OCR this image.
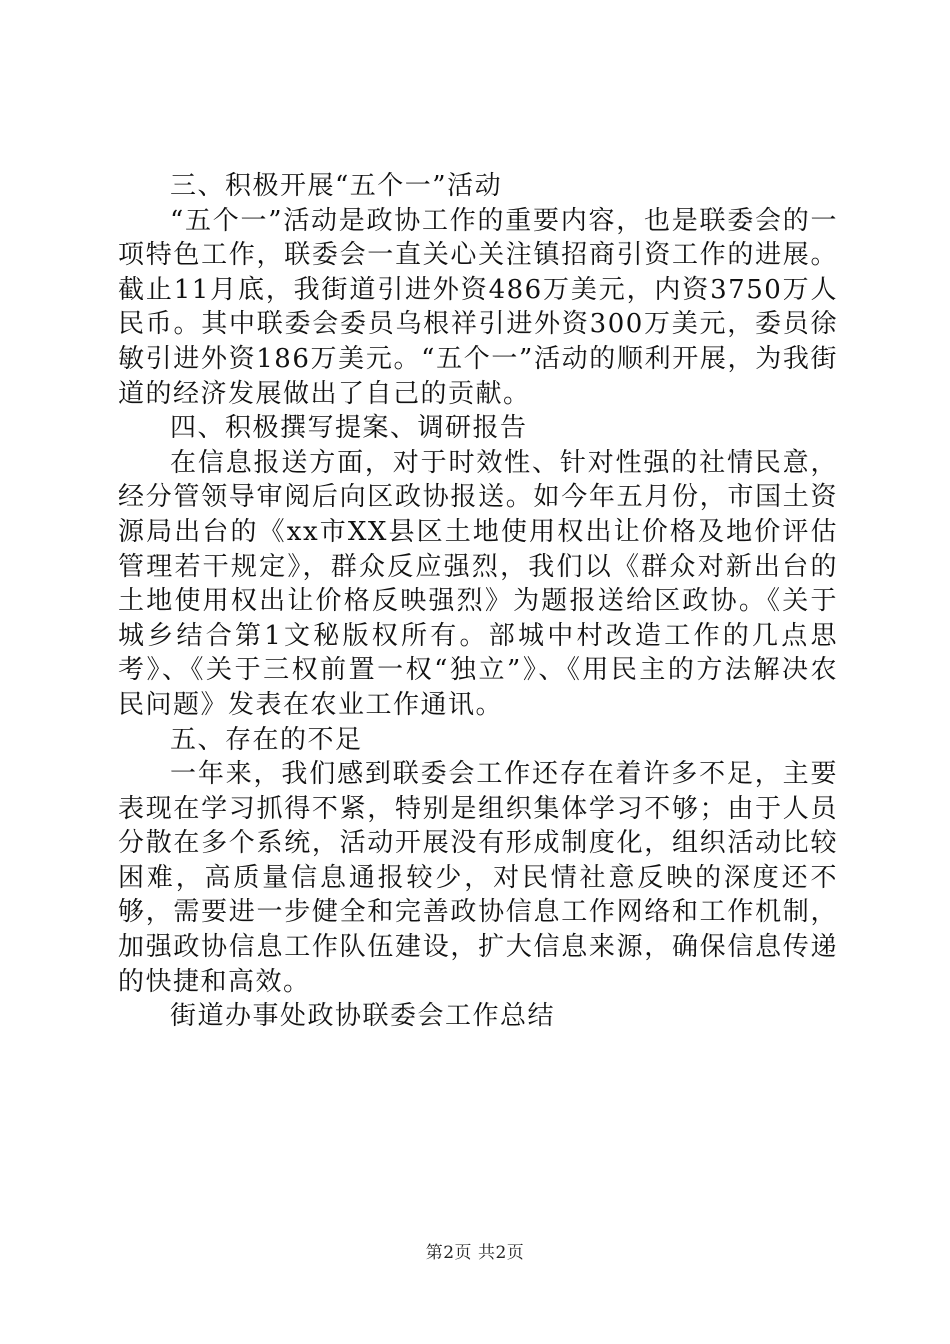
三、积极开展“五个一”活动

“五个一”活动是政协工作的重要内容，也是联委会的一项特色工作，联委会一直关心关注镇招商引资工作的进展。截止11月底，我街道引进外资486万美元，内资3750万人民币。其中联委会委员乌根祥引进外资300万美元，委员徐敏引进外资186万美元。“五个一”活动的顺利开展，为我街道的经济发展做出了自己的贡献。

四、积极撰写提案、调研报告

在信息报送方面，对于时效性、针对性强的社情民意，经分管领导审阅后向区政协报送。如今年五月份，市国土资源局出台的《xx市XX县区土地使用权出让价格及地价评估管理若干规定》，群众反应强烈，我们以《群众对新出台的土地使用权出让价格反映强烈》为题报送给区政协。《关于城乡结合第1文秘版权所有。部城中村改造工作的几点思考》、《关于三权前置一权“独立”》、《用民主的方法解决农民问题》发表在农业工作通讯。

五、存在的不足

一年来，我们感到联委会工作还存在着许多不足，主要表现在学习抓得不紧，特别是组织集体学习不够；由于人员分散在多个系统，活动开展没有形成制度化，组织活动比较困难，高质量信息通报较少，对民情社意反映的深度还不够，需要进一步健全和完善政协信息工作网络和工作机制，加强政协信息工作队伍建设，扩大信息来源，确保信息传递的快捷和高效。

街道办事处政协联委会工作总结

第2页 共2页
